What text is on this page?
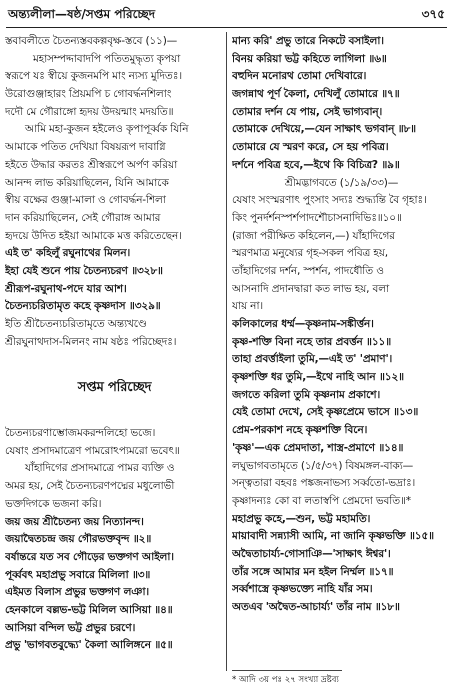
অন্ত্যলীলা—ষষ্ঠ/সপ্তম পরিচ্ছেদ	৩৭৫
স্তবাবলীতে চৈতন্যস্তবকল্পবৃক্ষ-স্তবে (১১)—
মহাসম্পদ্দাবাদপি পতিতমুদ্ধৃত্য কৃপয়া
স্বরূপে যঃ স্বীয়ে কুজনমপি মাং ন্যস্য মুদিতঃ।
উরোগুঞ্জাহারং প্রিয়মপি চ গোবর্দ্ধনশিলাং
দদৌ মে গৌরাঙ্গো হৃদয় উদয়ন্মাং মদয়তি॥
আমি মহা-কুজন হইলেও কৃপাপূর্ব্বক যিনি
আমাকে পতিত দেখিয়া বিষয়রূপ দাবাগ্নি
হইতে উদ্ধার করতঃ শ্রীস্বরূপে অর্পণ করিয়া
আনন্দ লাভ করিয়াছিলেন, যিনি আমাকে
স্বীয় বক্ষের গুঞ্জা-মালা ও গোবর্দ্ধন-শিলা
দান করিয়াছিলেন, সেই গৌরাঙ্গ আমার
হৃদয়ে উদিত হইয়া আমাকে মত্ত করিতেছেন।
এই ত' কহিলুঁ রঘুনাথের মিলন।
ইহা যেই শুনে পায় চৈতন্যচরণ ॥৩২৮॥
শ্রীরূপ-রঘুনাথ-পদে যার আশ।
চৈতন্যচরিতামৃত কহে কৃষ্ণদাস ॥৩২৯॥
ইতি শ্রীচৈতন্যচরিতামৃতে অন্ত্যখণ্ডে
শ্রীরঘুনাথদাস-মিলনং নাম ষষ্ঠঃ পরিচ্ছেদঃ।
সপ্তম পরিচ্ছেদ
চৈতন্যচরণাম্ভোজমকরন্দলিহো ভজে।
যেষাং প্রসাদমাত্রেণ পামরোঽপ্যমরো ভবেৎ॥
যাঁহাদিগের প্রসাদমাত্রে পামর ব্যক্তি ও
অমর হয়, সেই চৈতন্যচরণপদ্মের মধুলোভী
ভক্তদিগকে ভজনা করি।
জয় জয় শ্রীচৈতন্য জয় নিত্যানন্দ।
জয়াদ্বৈতচন্দ্র জয় গৌরভক্তবৃন্দ ॥২॥
বর্ষান্তরে যত সব গৌড়ের ভক্তগণ আইলা।
পূর্ব্ববৎ মহাপ্রভু সবারে মিলিলা ॥৩॥
এইমত বিলাস প্রভুর ভক্তগণ লঞা।
হেনকালে বল্লভ-ভট্ট মিলিল আসিয়া ॥৪॥
আসিয়া বন্দিল ভট্ট প্রভুর চরণে।
প্রভু 'ভাগবতবুদ্ধ্যে' কৈলা আলিঙ্গনে ॥৫॥
মান্য করি' প্রভু তারে নিকটে বসাইলা।
বিনয় করিয়া ভট্ট কহিতে লাগিলা ॥৬॥
বহুদিন মনোরথ তোমা দেখিবারে।
জগন্নাথ পূর্ণ কৈলা, দেখিলুঁ তোমারে ॥৭॥
তোমার দর্শন যে পায়, সেই ভাগ্যবান্।
তোমাকে দেখিয়ে,—যেন সাক্ষাৎ ভগবান্ ॥৮॥
তোমারে যে স্মরণ করে, সে হয় পবিত্র।
দর্শনে পবিত্র হবে,—ইথে কি বিচিত্র? ॥৯॥
শ্রীমদ্ভাগবতে (১/১৯/৩৩)—
যেষাং সংস্মরণাৎ পুংসাং সদ্যঃ শুদ্ধ্যন্তি বৈ গৃহাঃ।
কিং পুনর্দর্শনস্পর্শপাদশৌচাসনাদিভিঃ॥১০॥
(রাজা পরীক্ষিত কহিলেন,—) যাঁহাদিগের
স্মরণমাত্র মনুষ্যের গৃহ-সকল পবিত্র হয়,
তাঁহাদিগের দর্শন, স্পর্শন, পাদধৌতি ও
আসনাদি প্রদানদ্বারা কত লাভ হয়, বলা
যায় না।
কলিকালের ধর্ম্ম—কৃষ্ণনাম-সঙ্কীর্ত্তন।
কৃষ্ণ-শক্তি বিনা নহে তার প্রবর্ত্তন ॥১১॥
তাহা প্রবর্ত্তাইলা তুমি,—এই ত' 'প্রমাণ'।
কৃষ্ণশক্তি ধর তুমি,—ইথে নাহি আন ॥১২॥
জগতে করিলা তুমি কৃষ্ণনাম প্রকাশে।
যেই তোমা দেখে, সেই কৃষ্ণপ্রেমে ভাসে ॥১৩॥
প্রেম-পরকাশ নহে কৃষ্ণশক্তি বিনে।
'কৃষ্ণ'—এক প্রেমদাতা, শাস্ত্র-প্রমাণে ॥১৪॥
লঘুভাগবতামৃতে (১/৫/৩৭) বিষমঙ্গল-বাক্য—
সন্ত্বতারা বহবঃ পঙ্কজনাভস্য সর্ব্বতো-ভদ্রাঃ।
কৃষ্ণাদন্যঃ কো বা লতাস্বপি প্রেমদো ভবতি॥*
মহাপ্রভু কহে,—শুন, ভট্ট মহামতি।
মায়াবাদী সন্ন্যাসী আমি, না জানি কৃষ্ণভক্তি ॥১৫॥
অদ্বৈতাচার্য্য-গোসাঞি—'সাক্ষাৎ ঈশ্বর'।
তাঁর সঙ্গে আমার মন হইল নির্ম্মল ॥১৭॥
সর্ব্বশাস্ত্রে কৃষ্ণভক্ত্যে নাহি যাঁর সম।
অতএব 'অদ্বৈত-আচার্য্য' তাঁর নাম ॥১৮॥
* আদি ৩য় পঃ ২৭ সংখ্যা দ্রষ্টব্য
